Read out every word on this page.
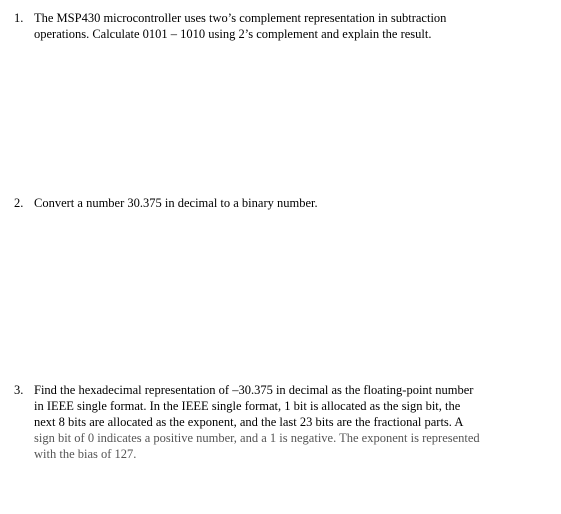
1. The MSP430 microcontroller uses two’s complement representation in subtraction
operations. Calculate 0101 – 1010 using 2’s complement and explain the result.
2. Convert a number 30.375 in decimal to a binary number.
3. Find the hexadecimal representation of –30.375 in decimal as the floating-point number
in IEEE single format. In the IEEE single format, 1 bit is allocated as the sign bit, the
next 8 bits are allocated as the exponent, and the last 23 bits are the fractional parts. A
sign bit of 0 indicates a positive number, and a 1 is negative. The exponent is represented
with the bias of 127.
